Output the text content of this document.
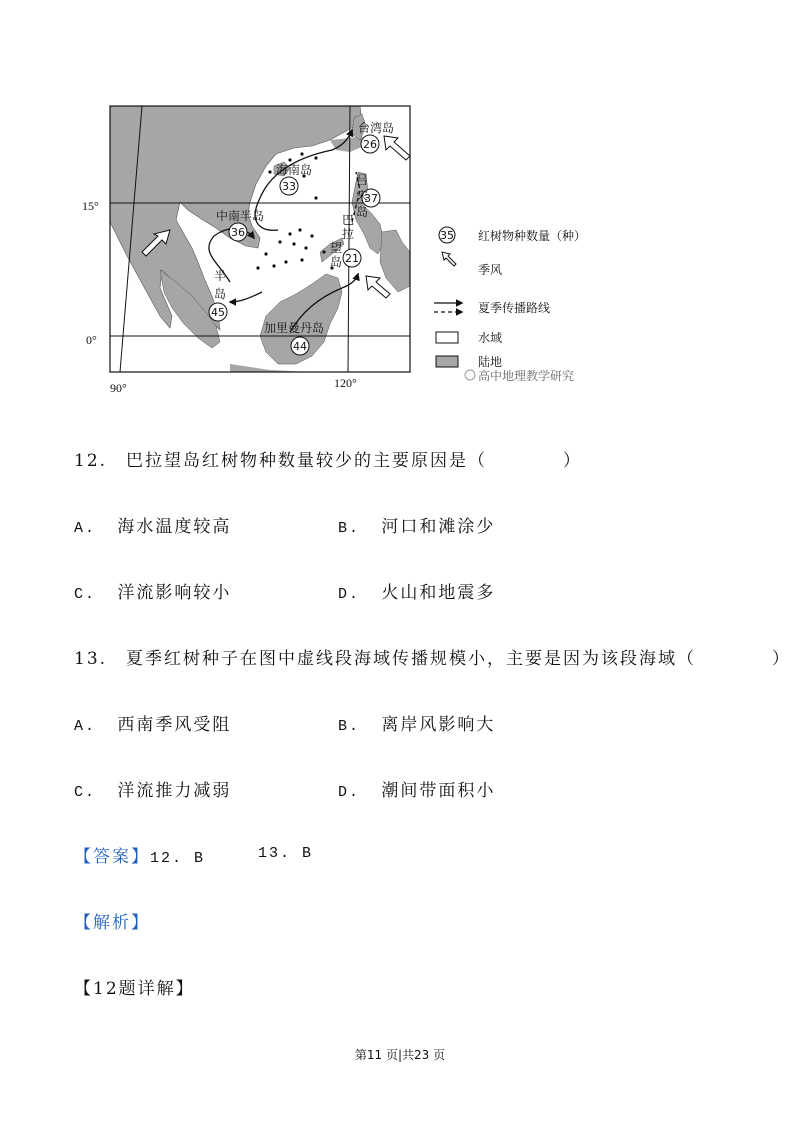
26
33
37
36
21
45
44
台湾岛
海南岛
中南半岛
吕
宋
岛
巴
拉
望
岛
半
岛
加里曼丹岛
15°
0°
90°	120°
35 红树物种数量（种）
季风
夏季传播路线
水域
陆地
高中地理教学研究
12.　巴拉望岛红树物种数量较少的主要原因是（　　　　）
A. 海水温度较高	B. 河口和滩涂少
C. 洋流影响较小	D. 火山和地震多
13.　夏季红树种子在图中虚线段海域传播规模小，主要是因为该段海域（　　　　）
A. 西南季风受阻	B. 离岸风影响大
C. 洋流推力减弱	D. 潮间带面积小
【答案】12. B	13. B
【解析】
【12题详解】
第11 页|共23 页
